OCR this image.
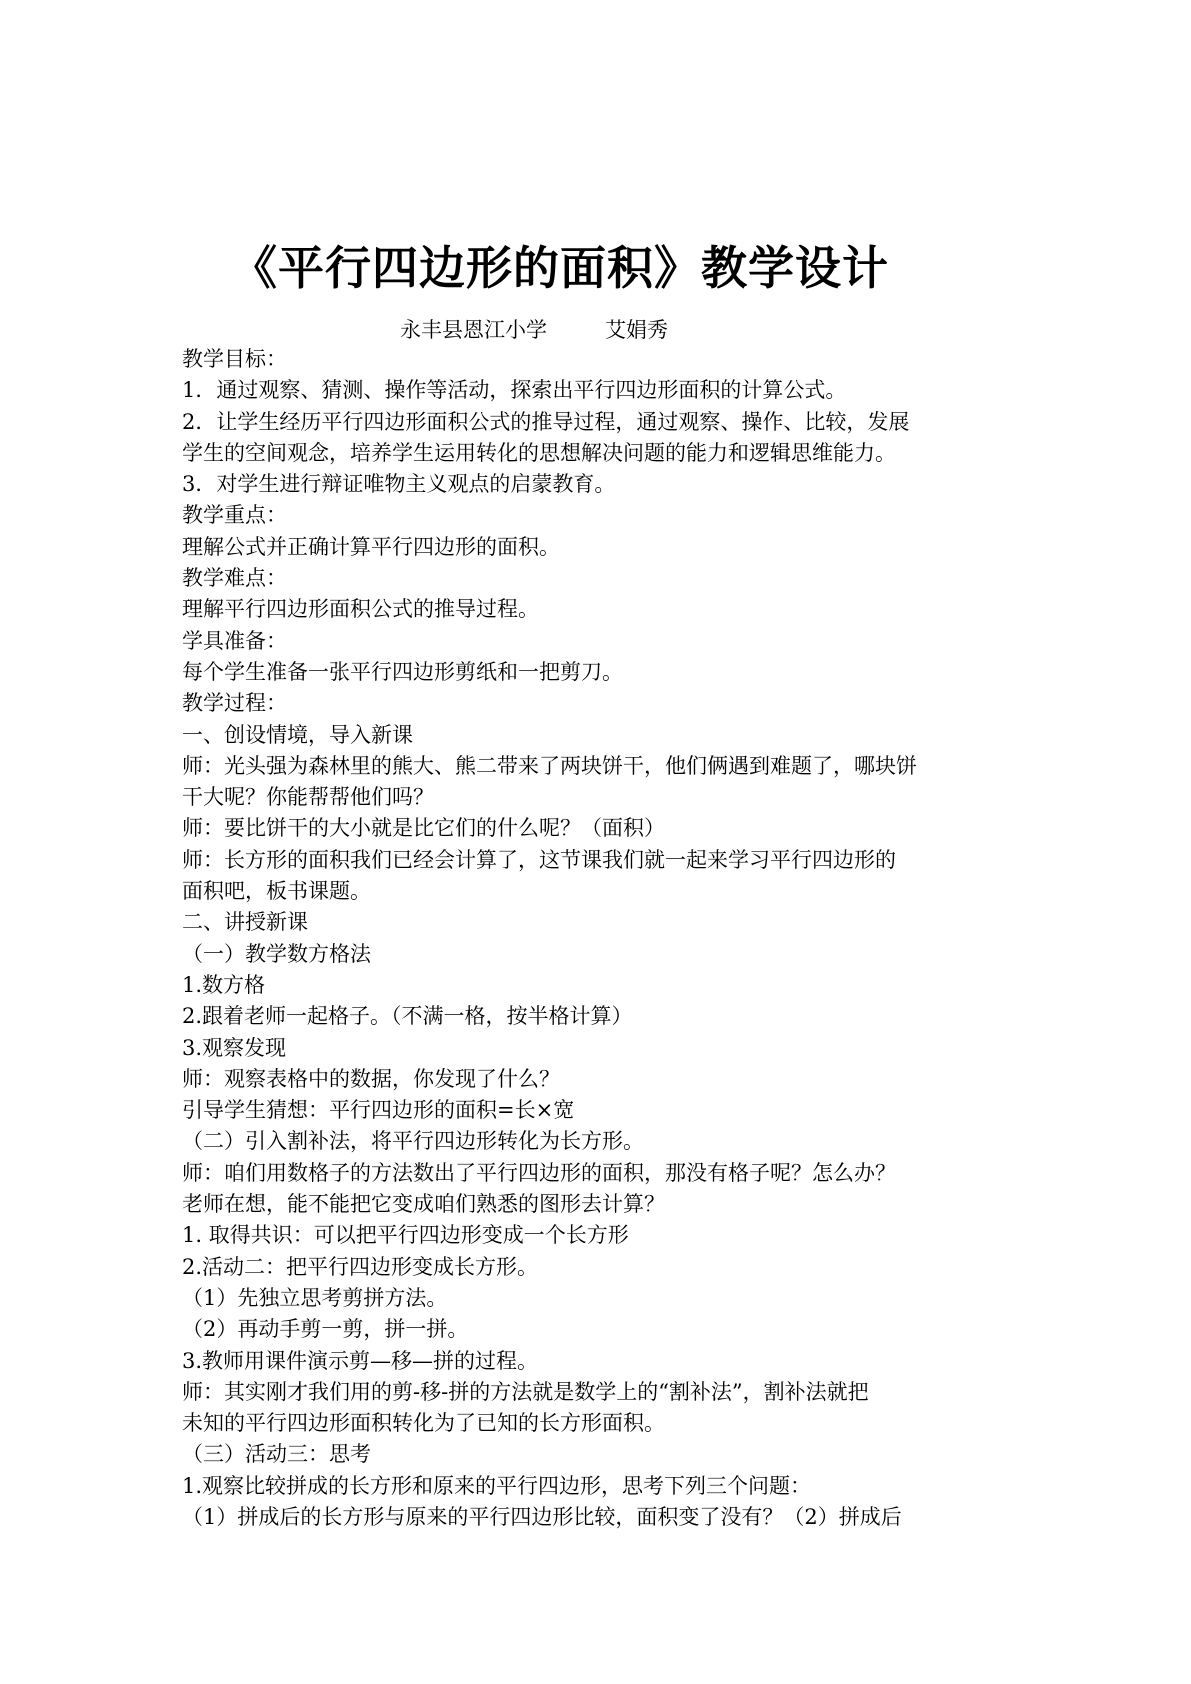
《平行四边形的面积》教学设计
永丰县恩江小学	艾娟秀
教学目标：
1．通过观察、猜测、操作等活动，探索出平行四边形面积的计算公式。
2．让学生经历平行四边形面积公式的推导过程，通过观察、操作、比较，发展
学生的空间观念，培养学生运用转化的思想解决问题的能力和逻辑思维能力。
3．对学生进行辩证唯物主义观点的启蒙教育。
教学重点：
理解公式并正确计算平行四边形的面积。
教学难点：
理解平行四边形面积公式的推导过程。
学具准备：
每个学生准备一张平行四边形剪纸和一把剪刀。
教学过程：
一、创设情境，导入新课
师：光头强为森林里的熊大、熊二带来了两块饼干，他们俩遇到难题了，哪块饼
干大呢？你能帮帮他们吗？
师：要比饼干的大小就是比它们的什么呢？（面积）
师：长方形的面积我们已经会计算了，这节课我们就一起来学习平行四边形的
面积吧，板书课题。
二、讲授新课
（一）教学数方格法
1.数方格
2.跟着老师一起格子。（不满一格，按半格计算）
3.观察发现
师：观察表格中的数据，你发现了什么？
引导学生猜想：平行四边形的面积=长×宽
（二）引入割补法，将平行四边形转化为长方形。
师：咱们用数格子的方法数出了平行四边形的面积，那没有格子呢？怎么办？
老师在想，能不能把它变成咱们熟悉的图形去计算？
1. 取得共识：可以把平行四边形变成一个长方形
2.活动二：把平行四边形变成长方形。
（1）先独立思考剪拼方法。
（2）再动手剪一剪，拼一拼。
3.教师用课件演示剪—移—拼的过程。
师：其实刚才我们用的剪-移-拼的方法就是数学上的“割补法”，割补法就把
未知的平行四边形面积转化为了已知的长方形面积。
（三）活动三：思考
1.观察比较拼成的长方形和原来的平行四边形，思考下列三个问题：
（1）拼成后的长方形与原来的平行四边形比较，面积变了没有？（2）拼成后
